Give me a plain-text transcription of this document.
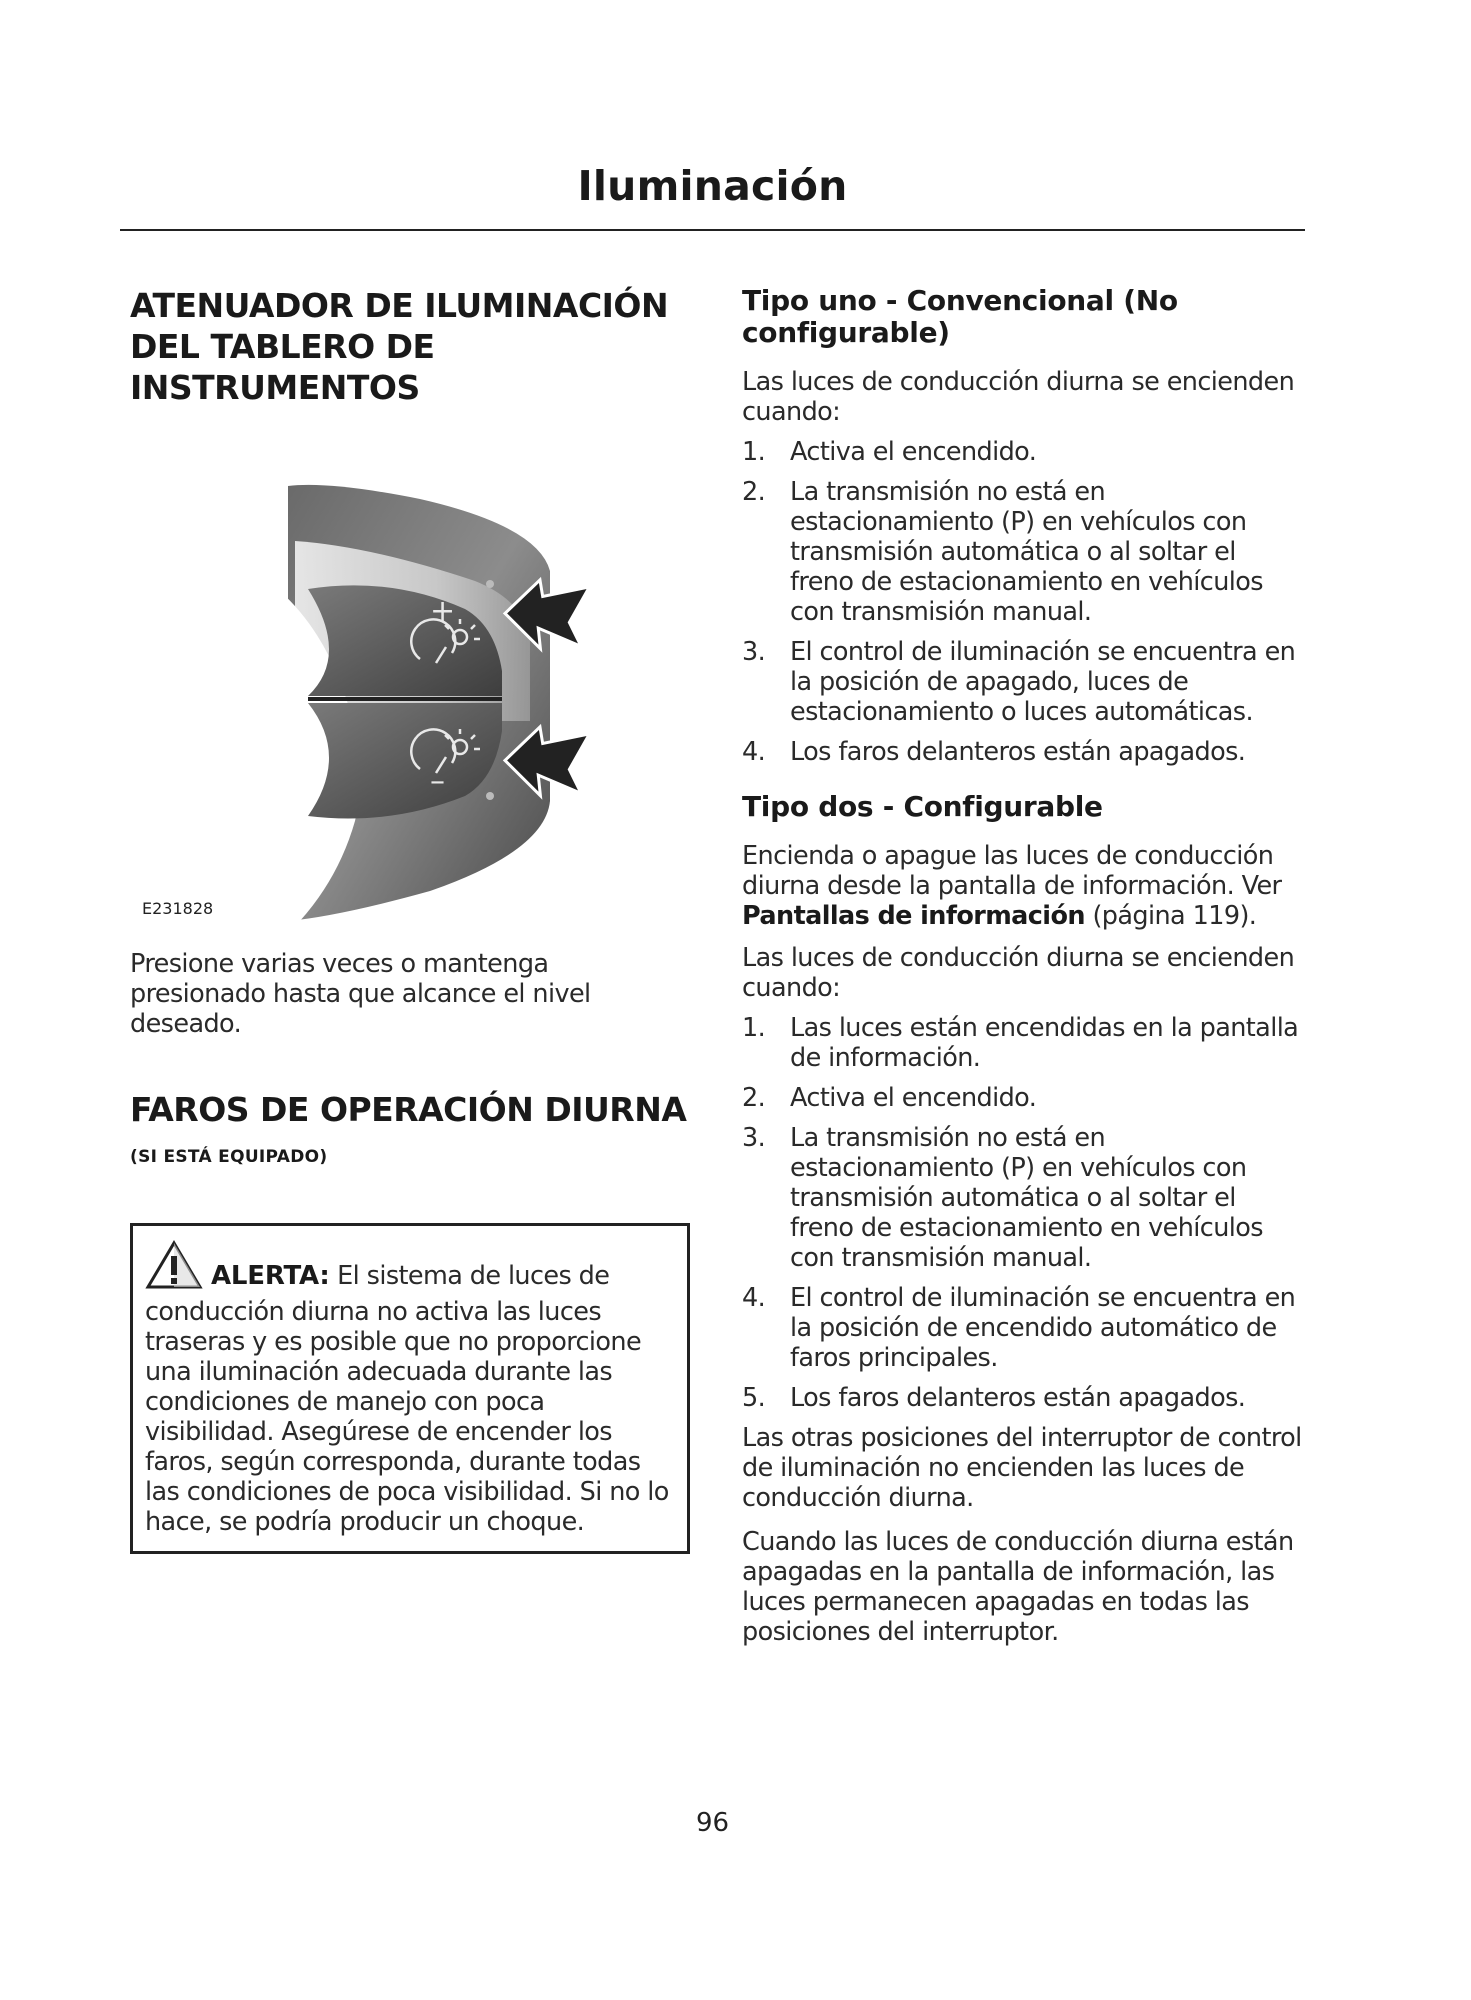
Iluminación
ATENUADOR DE ILUMINACIÓN DEL TABLERO DE INSTRUMENTOS
+
–
E231828

Presione varias veces o mantenga presionado hasta que alcance el nivel deseado.

FAROS DE OPERACIÓN DIURNA (SI ESTÁ EQUIPADO)

ALERTA: El sistema de luces de conducción diurna no activa las luces traseras y es posible que no proporcione una iluminación adecuada durante las condiciones de manejo con poca visibilidad. Asegúrese de encender los faros, según corresponda, durante todas las condiciones de poca visibilidad. Si no lo hace, se podría producir un choque.

Tipo uno - Convencional (No configurable)

Las luces de conducción diurna se encienden cuando:

1. Activa el encendido.
2. La transmisión no está en estacionamiento (P) en vehículos con transmisión automática o al soltar el freno de estacionamiento en vehículos con transmisión manual.
3. El control de iluminación se encuentra en la posición de apagado, luces de estacionamiento o luces automáticas.
4. Los faros delanteros están apagados.
Tipo dos - Configurable

Encienda o apague las luces de conducción diurna desde la pantalla de información. Ver Pantallas de información (página 119).

Las luces de conducción diurna se encienden cuando:

1. Las luces están encendidas en la pantalla de información.
2. Activa el encendido.
3. La transmisión no está en estacionamiento (P) en vehículos con transmisión automática o al soltar el freno de estacionamiento en vehículos con transmisión manual.
4. El control de iluminación se encuentra en la posición de encendido automático de faros principales.
5. Los faros delanteros están apagados.

Las otras posiciones del interruptor de control de iluminación no encienden las luces de conducción diurna.

Cuando las luces de conducción diurna están apagadas en la pantalla de información, las luces permanecen apagadas en todas las posiciones del interruptor.

96
